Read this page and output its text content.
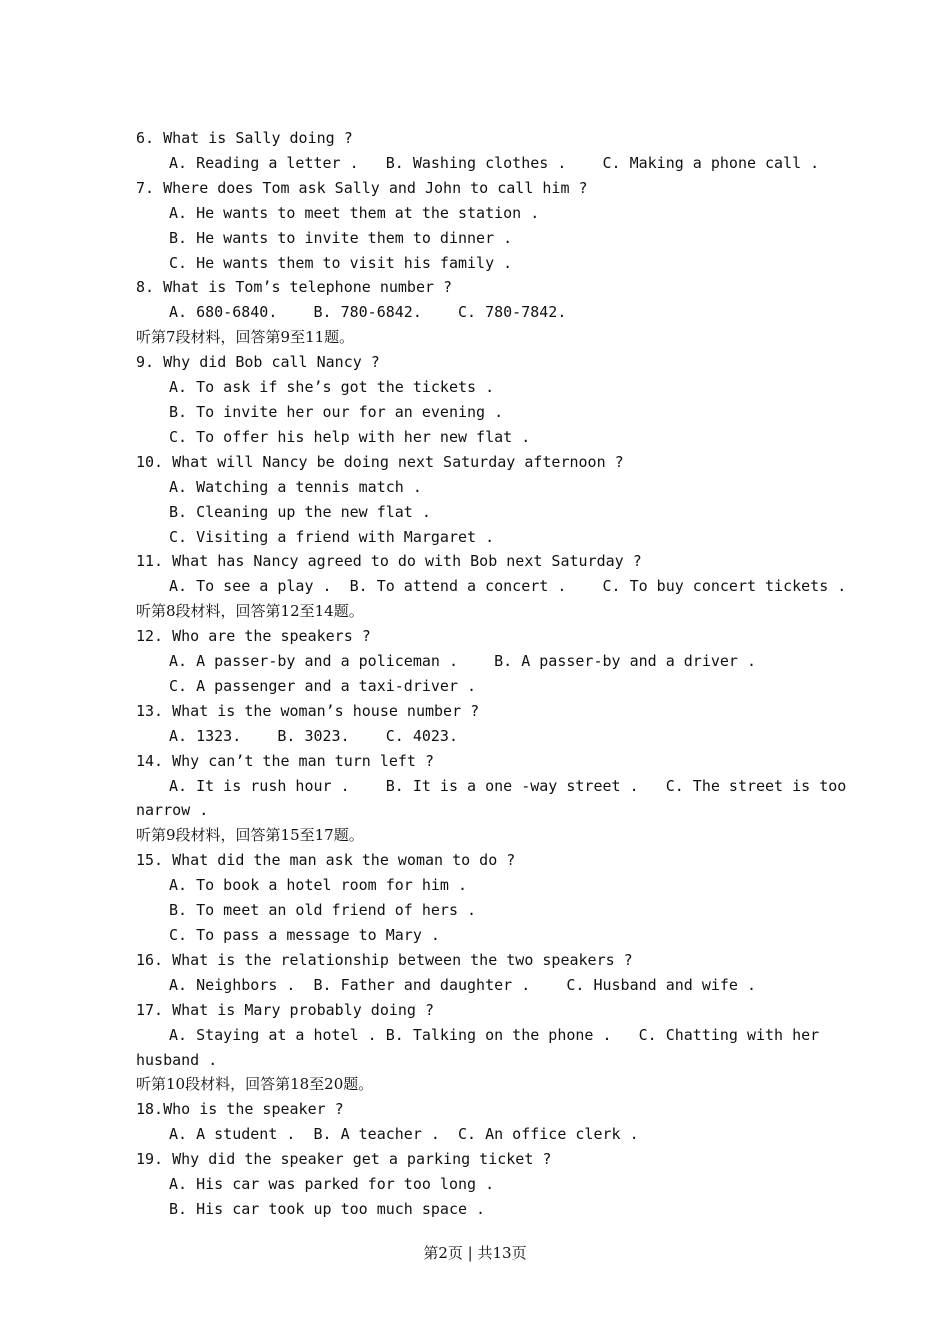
6. What is Sally doing ?
A. Reading a letter .   B. Washing clothes .    C. Making a phone call .
7. Where does Tom ask Sally and John to call him ?
A. He wants to meet them at the station .
B. He wants to invite them to dinner .
C. He wants them to visit his family .
8. What is Tom’s telephone number ?
A. 680-6840.    B. 780-6842.    C. 780-7842.
听第7段材料，回答第9至11题。
9. Why did Bob call Nancy ?
A. To ask if she’s got the tickets .
B. To invite her our for an evening .
C. To offer his help with her new flat .
10. What will Nancy be doing next Saturday afternoon ?
A. Watching a tennis match .
B. Cleaning up the new flat .
C. Visiting a friend with Margaret .
11. What has Nancy agreed to do with Bob next Saturday ?
A. To see a play .  B. To attend a concert .    C. To buy concert tickets .
听第8段材料，回答第12至14题。
12. Who are the speakers ?
A. A passer-by and a policeman .    B. A passer-by and a driver .
C. A passenger and a taxi-driver .
13. What is the woman’s house number ?
A. 1323.    B. 3023.    C. 4023.
14. Why can’t the man turn left ?
A. It is rush hour .    B. It is a one -way street .   C. The street is too
narrow .
听第9段材料，回答第15至17题。
15. What did the man ask the woman to do ?
A. To book a hotel room for him .
B. To meet an old friend of hers .
C. To pass a message to Mary .
16. What is the relationship between the two speakers ?
A. Neighbors .  B. Father and daughter .    C. Husband and wife .
17. What is Mary probably doing ?
A. Staying at a hotel . B. Talking on the phone .   C. Chatting with her
husband .
听第10段材料，回答第18至20题。
18.Who is the speaker ?
A. A student .  B. A teacher .  C. An office clerk .
19. Why did the speaker get a parking ticket ?
A. His car was parked for too long .
B. His car took up too much space .
第2页 | 共13页
